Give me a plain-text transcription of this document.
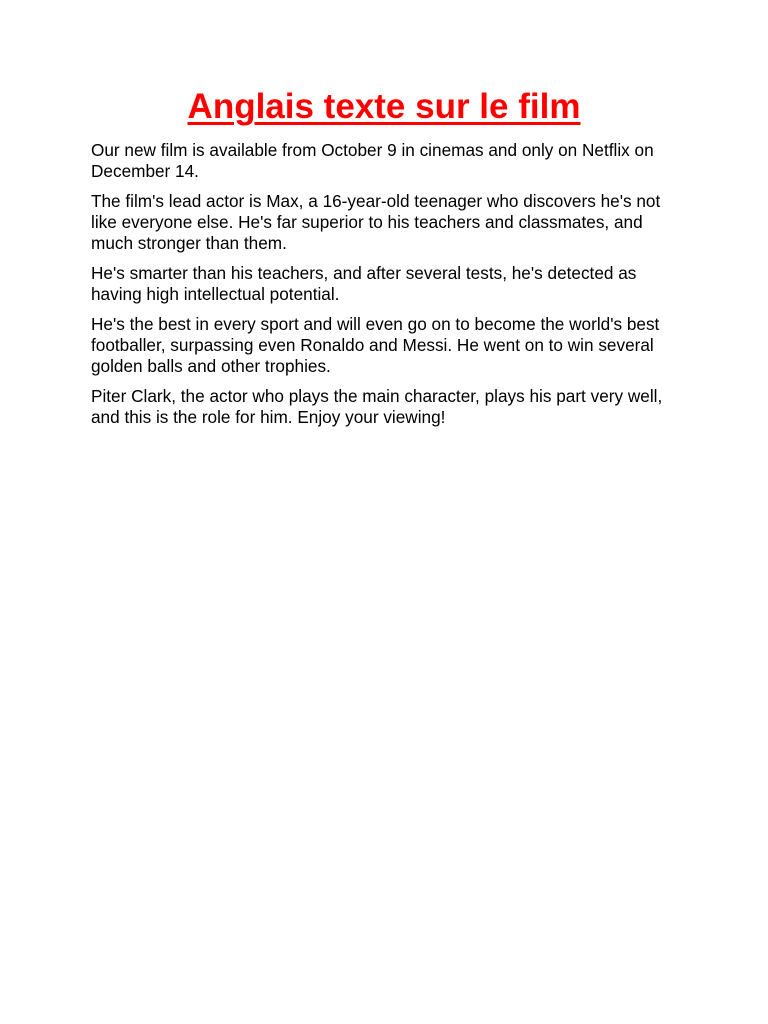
Anglais texte sur le film

Our new film is available from October 9 in cinemas and only on Netflix on December 14.

The film's lead actor is Max, a 16-year-old teenager who discovers he's not like everyone else. He's far superior to his teachers and classmates, and much stronger than them.

He's smarter than his teachers, and after several tests, he's detected as having high intellectual potential.

He's the best in every sport and will even go on to become the world's best footballer, surpassing even Ronaldo and Messi. He went on to win several golden balls and other trophies.

Piter Clark, the actor who plays the main character, plays his part very well, and this is the role for him. Enjoy your viewing!
